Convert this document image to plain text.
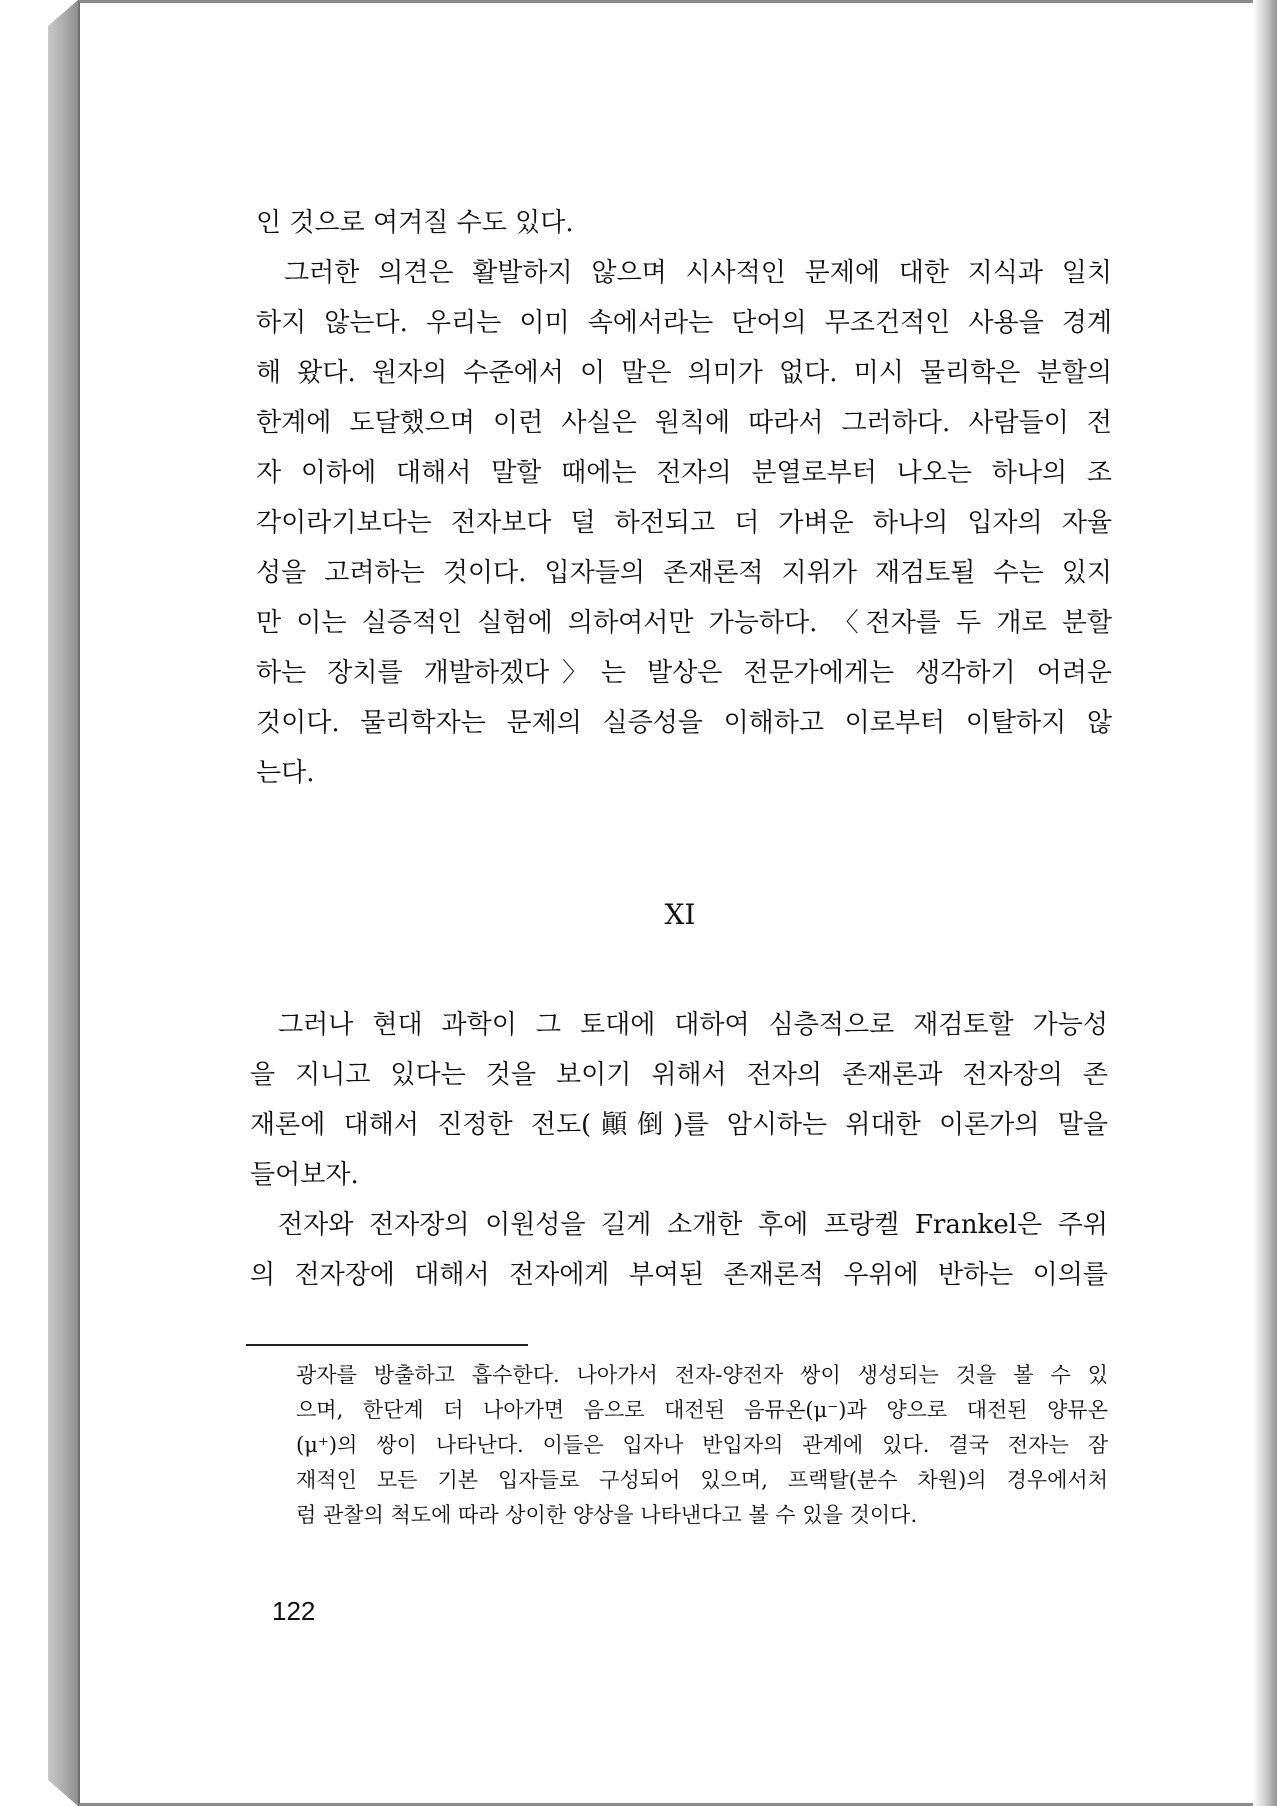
인 것으로 여겨질 수도 있다.
그러한 의견은 활발하지 않으며 시사적인 문제에 대한 지식과 일치
하지 않는다. 우리는 이미 속에서라는 단어의 무조건적인 사용을 경계
해 왔다. 원자의 수준에서 이 말은 의미가 없다. 미시 물리학은 분할의
한계에 도달했으며 이런 사실은 원칙에 따라서 그러하다. 사람들이 전
자 이하에 대해서 말할 때에는 전자의 분열로부터 나오는 하나의 조
각이라기보다는 전자보다 덜 하전되고 더 가벼운 하나의 입자의 자율
성을 고려하는 것이다. 입자들의 존재론적 지위가 재검토될 수는 있지
만 이는 실증적인 실험에 의하여서만 가능하다. 〈전자를 두 개로 분할
하는 장치를 개발하겠다〉는 발상은 전문가에게는 생각하기 어려운
것이다. 물리학자는 문제의 실증성을 이해하고 이로부터 이탈하지 않
는다.
XI
그러나 현대 과학이 그 토대에 대하여 심층적으로 재검토할 가능성
을 지니고 있다는 것을 보이기 위해서 전자의 존재론과 전자장의 존
재론에 대해서 진정한 전도(顚倒)를 암시하는 위대한 이론가의 말을
들어보자.
전자와 전자장의 이원성을 길게 소개한 후에 프랑켈 Frankel은 주위
의 전자장에 대해서 전자에게 부여된 존재론적 우위에 반하는 이의를
광자를 방출하고 흡수한다. 나아가서 전자-양전자 쌍이 생성되는 것을 볼 수 있
으며, 한단계 더 나아가면 음으로 대전된 음뮤온(μ⁻)과 양으로 대전된 양뮤온
(μ⁺)의 쌍이 나타난다. 이들은 입자나 반입자의 관계에 있다. 결국 전자는 잠
재적인 모든 기본 입자들로 구성되어 있으며, 프랙탈(분수 차원)의 경우에서처
럼 관찰의 척도에 따라 상이한 양상을 나타낸다고 볼 수 있을 것이다.
122
